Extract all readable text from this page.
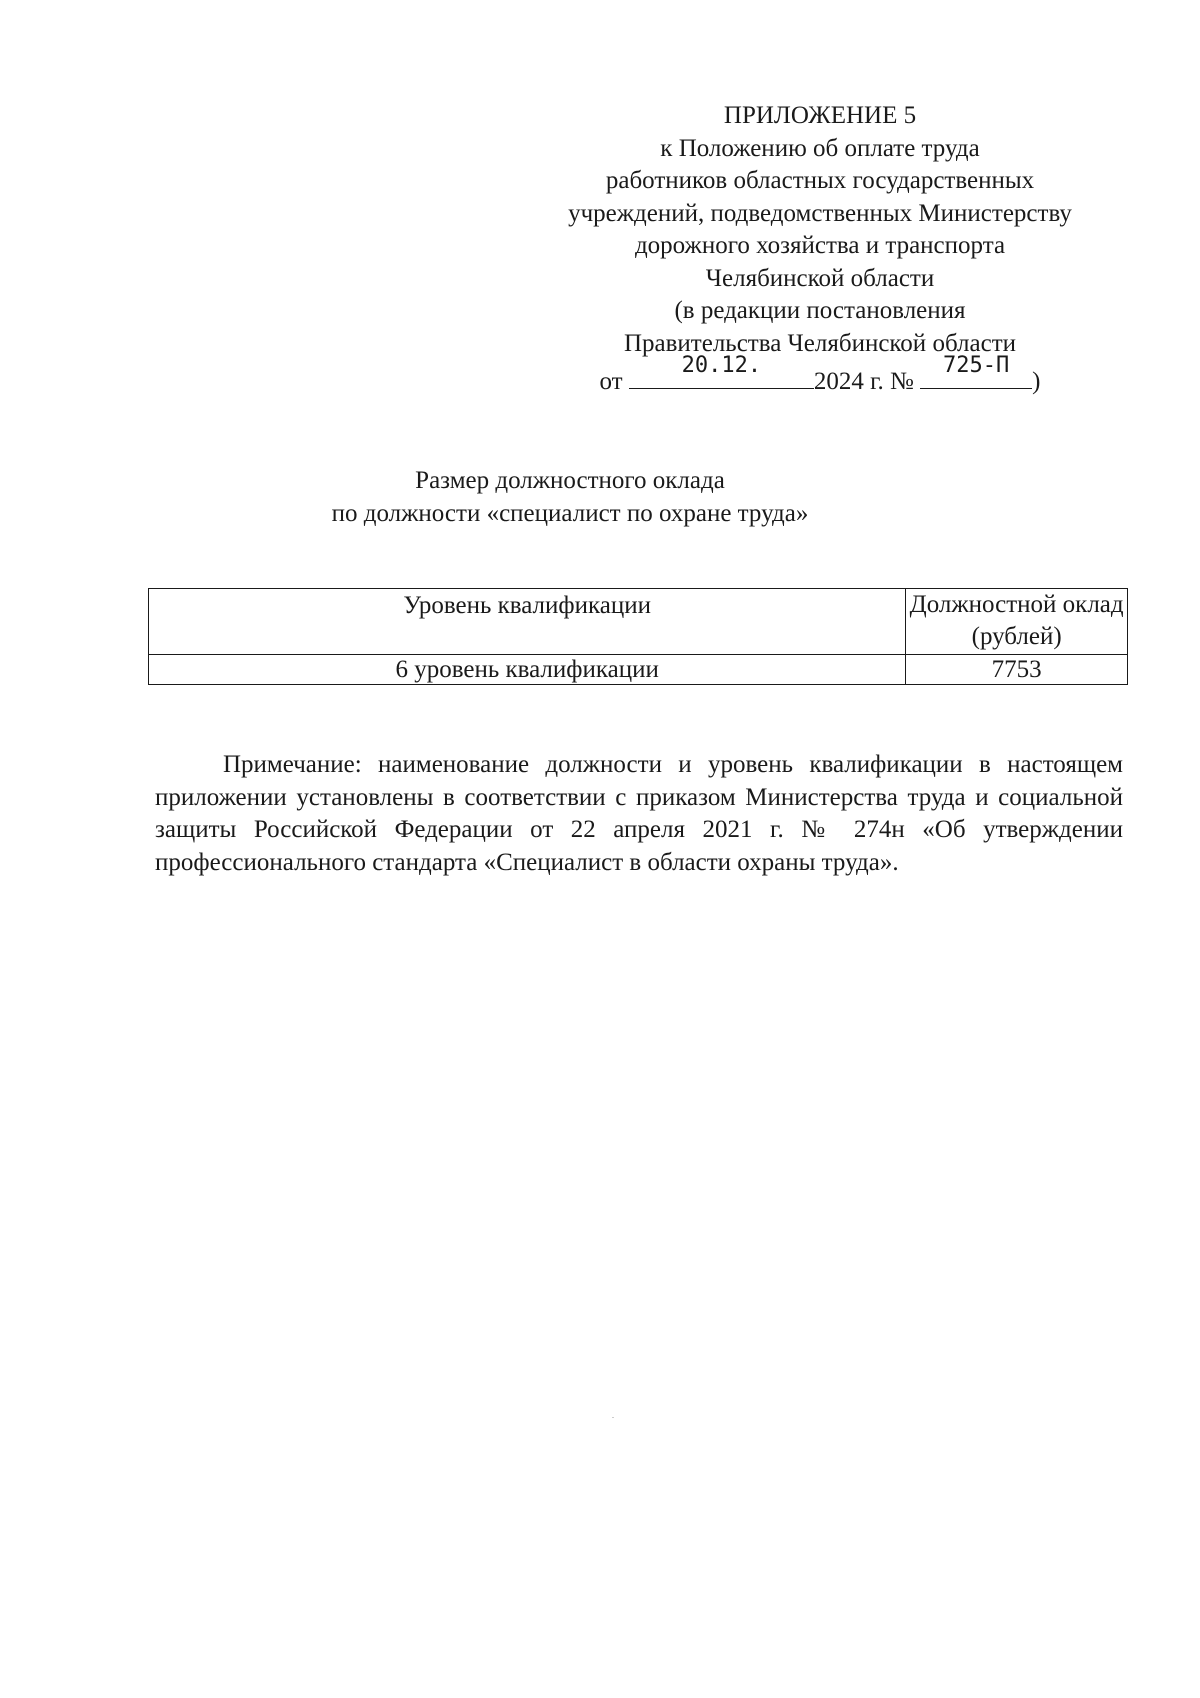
ПРИЛОЖЕНИЕ 5
к Положению об оплате труда
работников областных государственных
учреждений, подведомственных Министерству
дорожного хозяйства и транспорта
Челябинской области
(в редакции постановления
Правительства Челябинской области
от
20.12.
2024 г. №
725-П
)
Размер должностного оклада
по должности «специалист по охране труда»
Уровень квалификации	Должностной оклад (рублей)
6 уровень квалификации	7753

Примечание: наименование должности и уровень квалификации в настоящем приложении установлены в соответствии с приказом Министерства труда и социальной защиты Российской Федерации от 22 апреля 2021 г. № 274н «Об утверждении профессионального стандарта «Специалист в области охраны труда».
